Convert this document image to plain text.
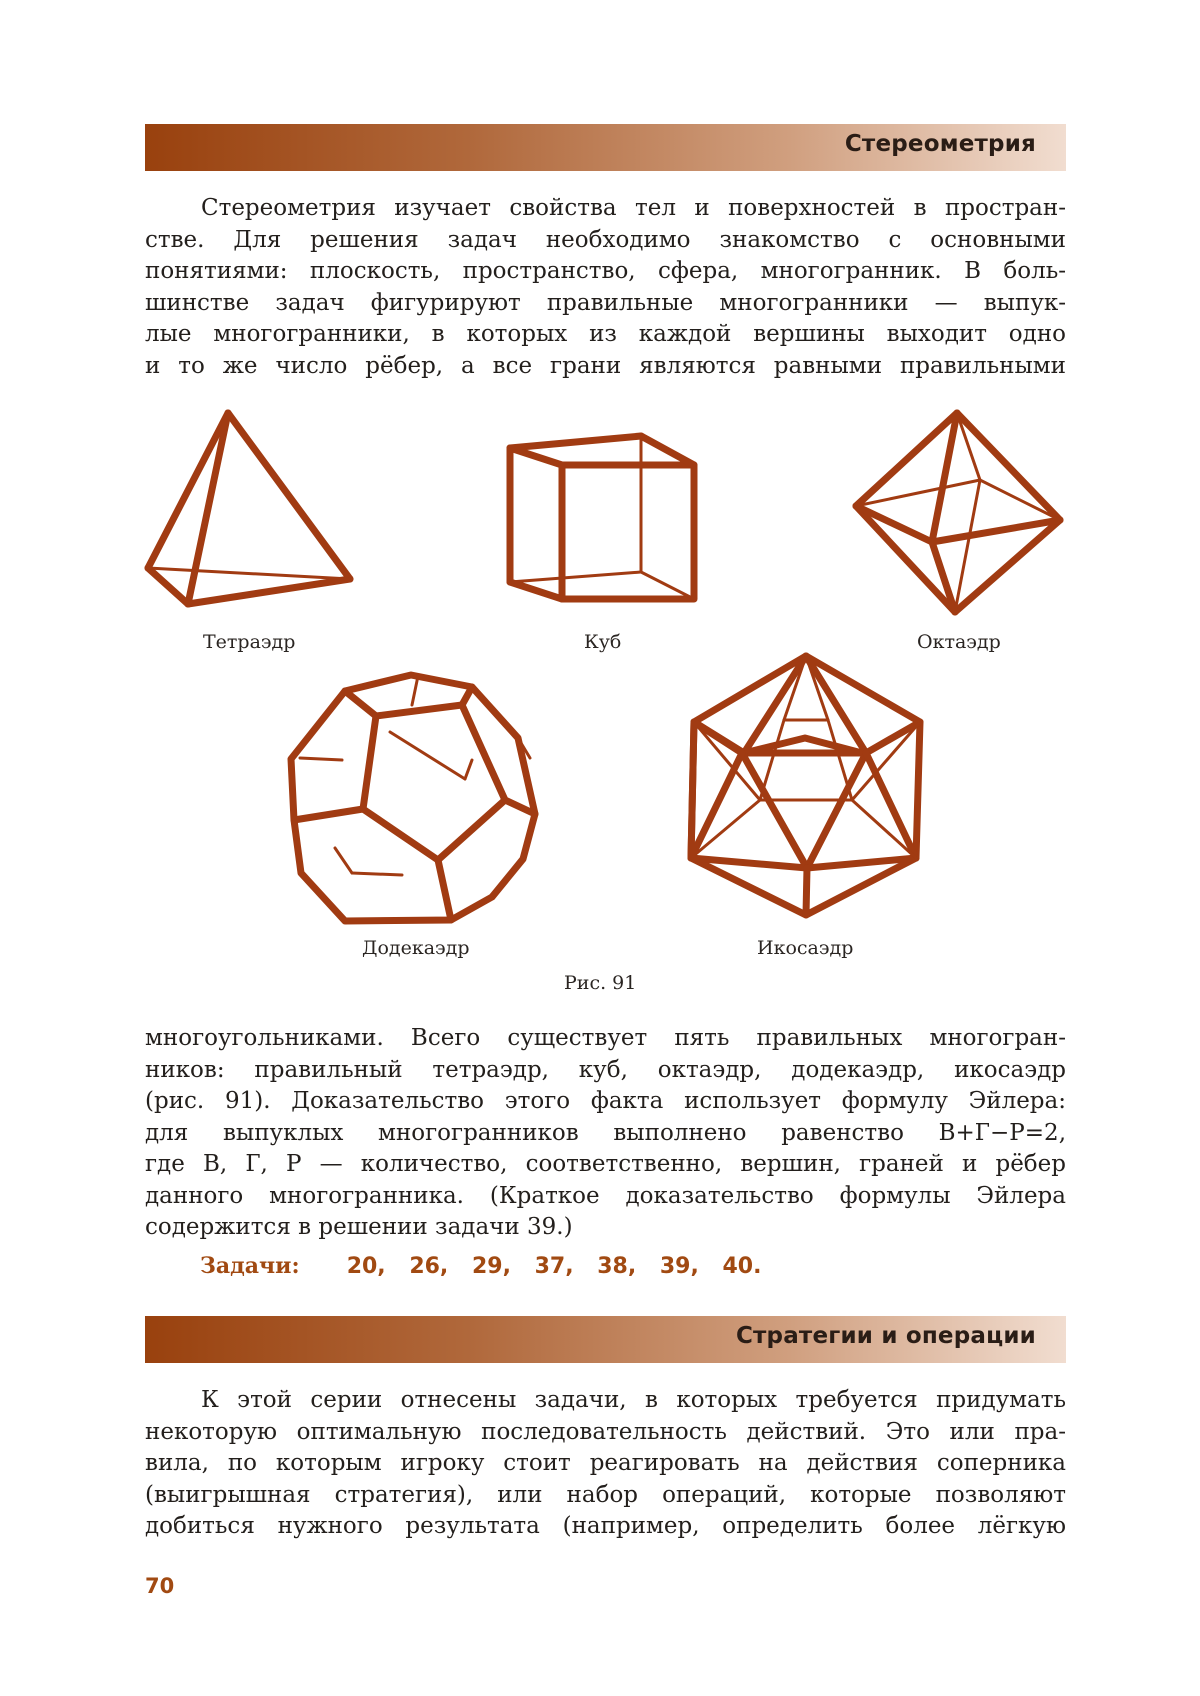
Стереометрия
Стереометрия изучает свойства тел и поверхностей в простран-
стве. Для решения задач необходимо знакомство с основными
понятиями: плоскость, пространство, сфера, многогранник. В боль-
шинстве задач фигурируют правильные многогранники — выпук-
лые многогранники, в которых из каждой вершины выходит одно
и то же число рёбер, а все грани являются равными правильными
Тетраэдр	Куб	Октаэдр
Додекаэдр	Икосаэдр
Рис. 91
многоугольниками. Всего существует пять правильных многогран-
ников: правильный тетраэдр, куб, октаэдр, додекаэдр, икосаэдр
(рис. 91). Доказательство этого факта использует формулу Эйлера:
для выпуклых многогранников выполнено равенство В+Г−Р=2,
где В, Г, Р — количество, соответственно, вершин, граней и рёбер
данного многогранника. (Краткое доказательство формулы Эйлера
содержится в решении задачи 39.)
Задачи: 20, 26, 29, 37, 38, 39, 40.
Стратегии и операции
К этой серии отнесены задачи, в которых требуется придумать
некоторую оптимальную последовательность действий. Это или пра-
вила, по которым игроку стоит реагировать на действия соперника
(выигрышная стратегия), или набор операций, которые позволяют
добиться нужного результата (например, определить более лёгкую
70
